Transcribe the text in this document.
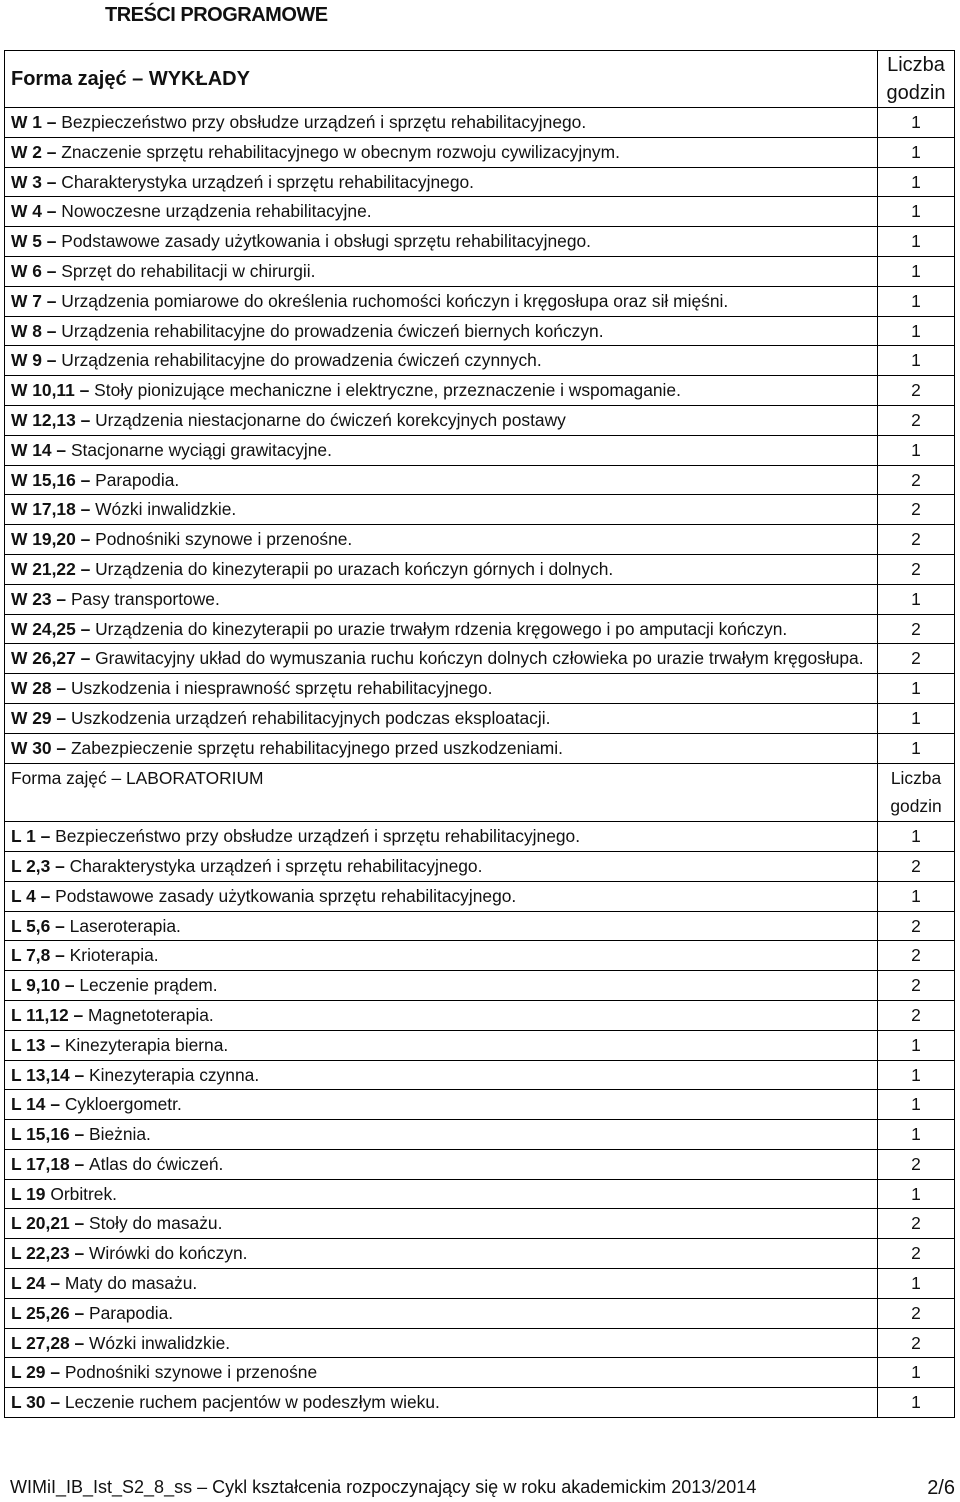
TREŚCI PROGRAMOWE
Forma zajęć – WYKŁADY	Liczba godzin
W 1 – Bezpieczeństwo przy obsłudze urządzeń i sprzętu rehabilitacyjnego.	1
W 2 – Znaczenie sprzętu rehabilitacyjnego w obecnym rozwoju cywilizacyjnym.	1
W 3 – Charakterystyka urządzeń i sprzętu rehabilitacyjnego.	1
W 4 – Nowoczesne urządzenia rehabilitacyjne.	1
W 5 – Podstawowe zasady użytkowania i obsługi sprzętu rehabilitacyjnego.	1
W 6 – Sprzęt do rehabilitacji w chirurgii.	1
W 7 – Urządzenia pomiarowe do określenia ruchomości kończyn i kręgosłupa oraz sił mięśni.	1
W 8 – Urządzenia rehabilitacyjne do prowadzenia ćwiczeń biernych kończyn.	1
W 9 – Urządzenia rehabilitacyjne do prowadzenia ćwiczeń czynnych.	1
W 10,11 – Stoły pionizujące mechaniczne i elektryczne, przeznaczenie i wspomaganie.	2
W 12,13 – Urządzenia niestacjonarne do ćwiczeń korekcyjnych postawy	2
W 14 – Stacjonarne wyciągi grawitacyjne.	1
W 15,16 – Parapodia.	2
W 17,18 – Wózki inwalidzkie.	2
W 19,20 – Podnośniki szynowe i przenośne.	2
W 21,22 – Urządzenia do kinezyterapii po urazach kończyn górnych i dolnych.	2
W 23 – Pasy transportowe.	1
W 24,25 – Urządzenia do kinezyterapii po urazie trwałym rdzenia kręgowego i po amputacji kończyn.	2
W 26,27 – Grawitacyjny układ do wymuszania ruchu kończyn dolnych człowieka po urazie trwałym kręgosłupa.	2
W 28 – Uszkodzenia i niesprawność sprzętu rehabilitacyjnego.	1
W 29 – Uszkodzenia urządzeń rehabilitacyjnych podczas eksploatacji.	1
W 30 – Zabezpieczenie sprzętu rehabilitacyjnego przed uszkodzeniami.	1
Forma zajęć – LABORATORIUM	Liczba godzin
L 1 – Bezpieczeństwo przy obsłudze urządzeń i sprzętu rehabilitacyjnego.	1
L 2,3 – Charakterystyka urządzeń i sprzętu rehabilitacyjnego.	2
L 4 – Podstawowe zasady użytkowania sprzętu rehabilitacyjnego.	1
L 5,6 – Laseroterapia.	2
L 7,8 – Krioterapia.	2
L 9,10 – Leczenie prądem.	2
L 11,12 – Magnetoterapia.	2
L 13 – Kinezyterapia bierna.	1
L 13,14 – Kinezyterapia czynna.	1
L 14 – Cykloergometr.	1
L 15,16 – Bieżnia.	1
L 17,18 – Atlas do ćwiczeń.	2
L 19 Orbitrek.	1
L 20,21 – Stoły do masażu.	2
L 22,23 – Wirówki do kończyn.	2
L 24 – Maty do masażu.	1
L 25,26 – Parapodia.	2
L 27,28 – Wózki inwalidzkie.	2
L 29 – Podnośniki szynowe i przenośne	1
L 30 – Leczenie ruchem pacjentów w podeszłym wieku.	1
WIMiI_IB_Ist_S2_8_ss – Cykl kształcenia rozpoczynający się w roku akademickim 2013/2014	2/6
